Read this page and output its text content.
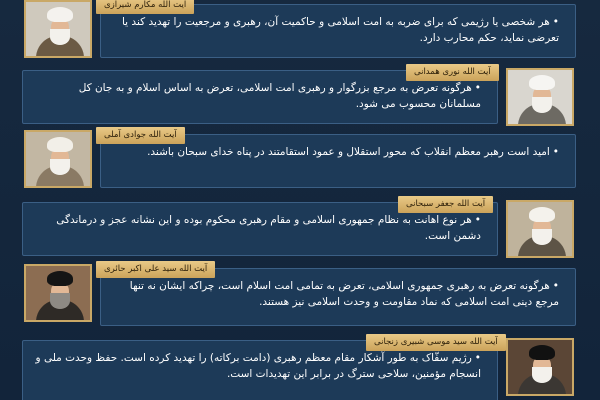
•هر شخصی یا رژیمی که برای ضربه به امت اسلامی و حاکمیت آن، رهبری و مرجعیت را تهدید کند یا تعرضی نماید، حکم محارب دارد.
آیت الله مکارم شیرازی
•هرگونه تعرض به مرجع بزرگوار و رهبری امت اسلامی، تعرض به اساس اسلام و به جان کل مسلمانان محسوب می شود.
آیت الله نوری همدانی
•امید است رهبر معظم انقلاب که محور استقلال و عمود استقامتند در پناه خدای سبحان باشند.
آیت الله جوادی آملی
•هر نوع اهانت به نظام جمهوری اسلامی و مقام رهبری محکوم بوده و این نشانه عجز و درماندگی دشمن است.
آیت الله جعفر سبحانی
•هرگونه تعرض به رهبری جمهوری اسلامی، تعرض به تمامی امت اسلام است، چراکه ایشان نه تنها مرجع دینی امت اسلامی که نماد مقاومت و وحدت اسلامی نیز هستند.
آیت الله سید علی اکبر حائری
•رژیم سفّاک به طور آشکار مقام معظم رهبری (دامت برکاته) را تهدید کرده است. حفظ وحدت ملی و انسجام مؤمنین، سلاحی سترگ در برابر این تهدیدات است.
آیت الله سید موسی شبیری زنجانی
